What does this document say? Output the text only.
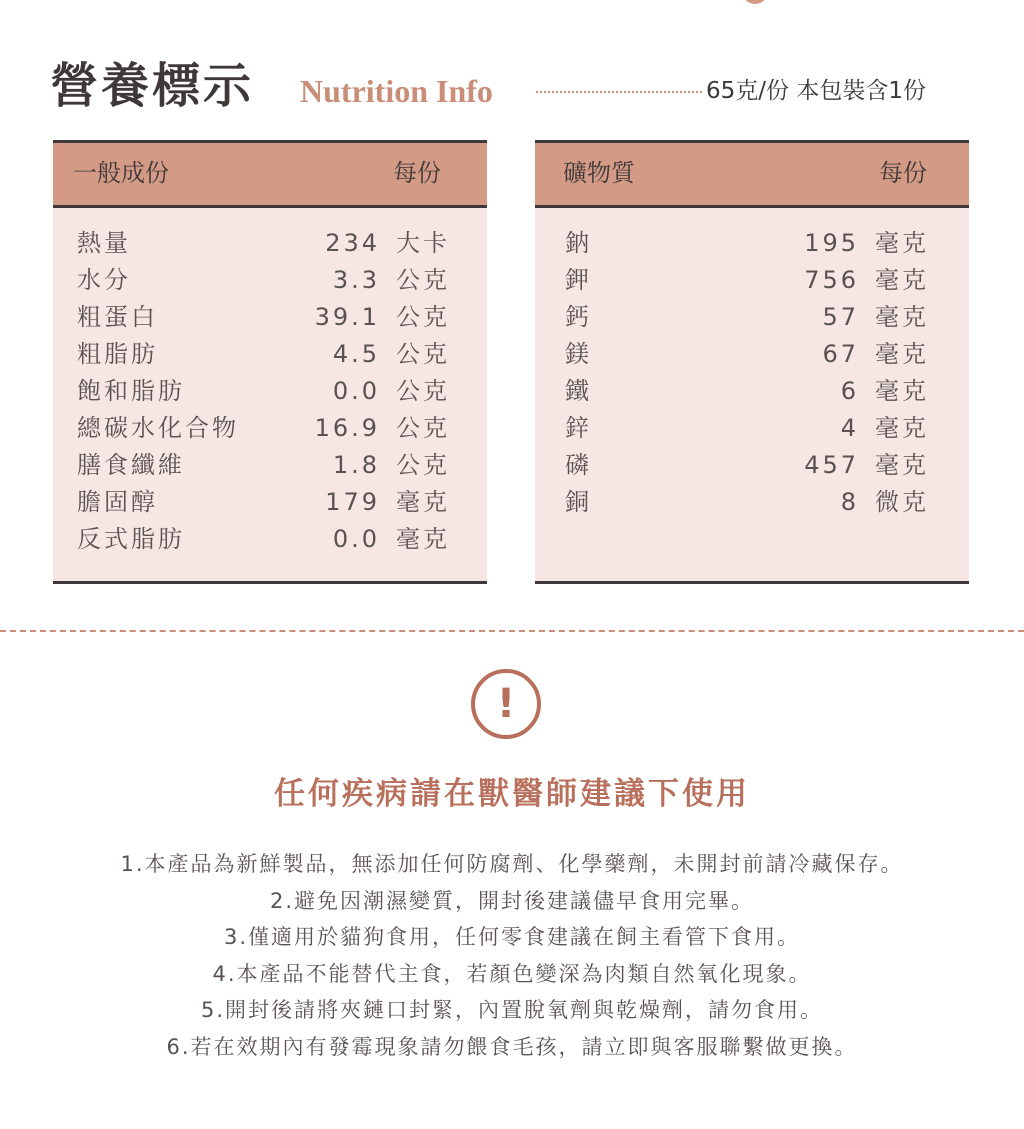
營養標示 Nutrition Info	65克/份 本包裝含1份
一般成份	每份
熱量	234 大卡
水分	3.3 公克
粗蛋白	39.1 公克
粗脂肪	4.5 公克
飽和脂肪	0.0 公克
總碳水化合物	16.9 公克
膳食纖維	1.8 公克
膽固醇	179 毫克
反式脂肪	0.0 毫克
礦物質	每份
鈉	195 毫克
鉀	756 毫克
鈣	57 毫克
鎂	67 毫克
鐵	6 毫克
鋅	4 毫克
磷	457 毫克
銅	8 微克
!
任何疾病請在獸醫師建議下使用
1.本產品為新鮮製品，無添加任何防腐劑、化學藥劑，未開封前請冷藏保存。
2.避免因潮濕變質，開封後建議儘早食用完畢。
3.僅適用於貓狗食用，任何零食建議在飼主看管下食用。
4.本產品不能替代主食，若顏色變深為肉類自然氧化現象。
5.開封後請將夾鏈口封緊，內置脫氧劑與乾燥劑，請勿食用。
6.若在效期內有發霉現象請勿餵食毛孩，請立即與客服聯繫做更換。
